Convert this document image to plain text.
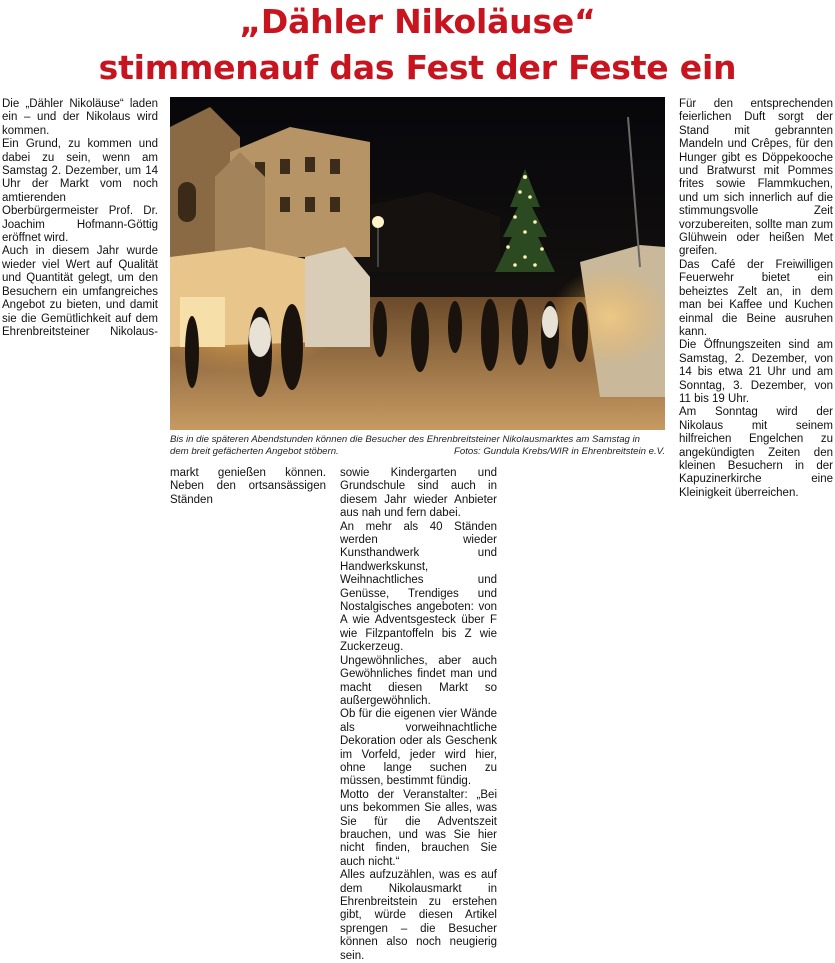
„Dähler Nikoläuse“
stimmenauf das Fest der Feste ein

Die „Dähler Nikoläuse“ laden ein – und der Nikolaus wird kommen.

Ein Grund, zu kommen und dabei zu sein, wenn am Samstag 2. Dezember, um 14 Uhr der Markt vom noch amtierenden Oberbürgermeister Prof. Dr. Joachim Hofmann-Göttig eröffnet wird.

Auch in diesem Jahr wurde wieder viel Wert auf Qualität und Quantität gelegt, um den Besuchern ein umfangreiches Angebot zu bieten, und damit sie die Gemütlichkeit auf dem Ehrenbreitsteiner Nikolaus-

Bis in die späteren Abendstunden können die Besucher des Ehrenbreitsteiner Nikolausmarktes am Samstag in
dem breit gefächerten Angebot stöbern.	Fotos: Gundula Krebs/WIR in Ehrenbreitstein e.V.

markt genießen können. Neben den ortsansässigen Ständen

sowie Kindergarten und Grundschule sind auch in diesem Jahr wieder Anbieter aus nah und fern dabei.

An mehr als 40 Ständen werden wieder Kunsthandwerk und Handwerkskunst, Weihnachtliches und Genüsse, Trendiges und Nostalgisches angeboten: von A wie Adventsgesteck über F wie Filzpantoffeln bis Z wie Zuckerzeug.

Ungewöhnliches, aber auch Gewöhnliches findet man und macht diesen Markt so außergewöhnlich.

Ob für die eigenen vier Wände als vorweihnachtliche Dekoration oder als Geschenk im Vorfeld, jeder wird hier, ohne lange suchen zu müssen, bestimmt fündig.

Motto der Veranstalter: „Bei uns bekommen Sie alles, was Sie für die Adventszeit brauchen, und was Sie hier nicht finden, brauchen Sie auch nicht.“

Alles aufzuzählen, was es auf dem Nikolausmarkt in Ehrenbreitstein zu erstehen gibt, würde diesen Artikel sprengen – die Besucher können also noch neugierig sein.

Für den entsprechenden feierlichen Duft sorgt der Stand mit gebrannten Mandeln und Crêpes, für den Hunger gibt es Döppekooche und Bratwurst mit Pommes frites sowie Flammkuchen, und um sich innerlich auf die stimmungsvolle Zeit vorzubereiten, sollte man zum Glühwein oder heißen Met greifen.

Das Café der Freiwilligen Feuerwehr bietet ein beheiztes Zelt an, in dem man bei Kaffee und Kuchen einmal die Beine ausruhen kann.

Die Öffnungszeiten sind am Samstag, 2. Dezember, von 14 bis etwa 21 Uhr und am Sonntag, 3. Dezember, von 11 bis 19 Uhr.

Am Sonntag wird der Nikolaus mit seinem hilfreichen Engelchen zu angekündigten Zeiten den kleinen Besuchern in der Kapuzinerkirche eine Kleinigkeit überreichen.
